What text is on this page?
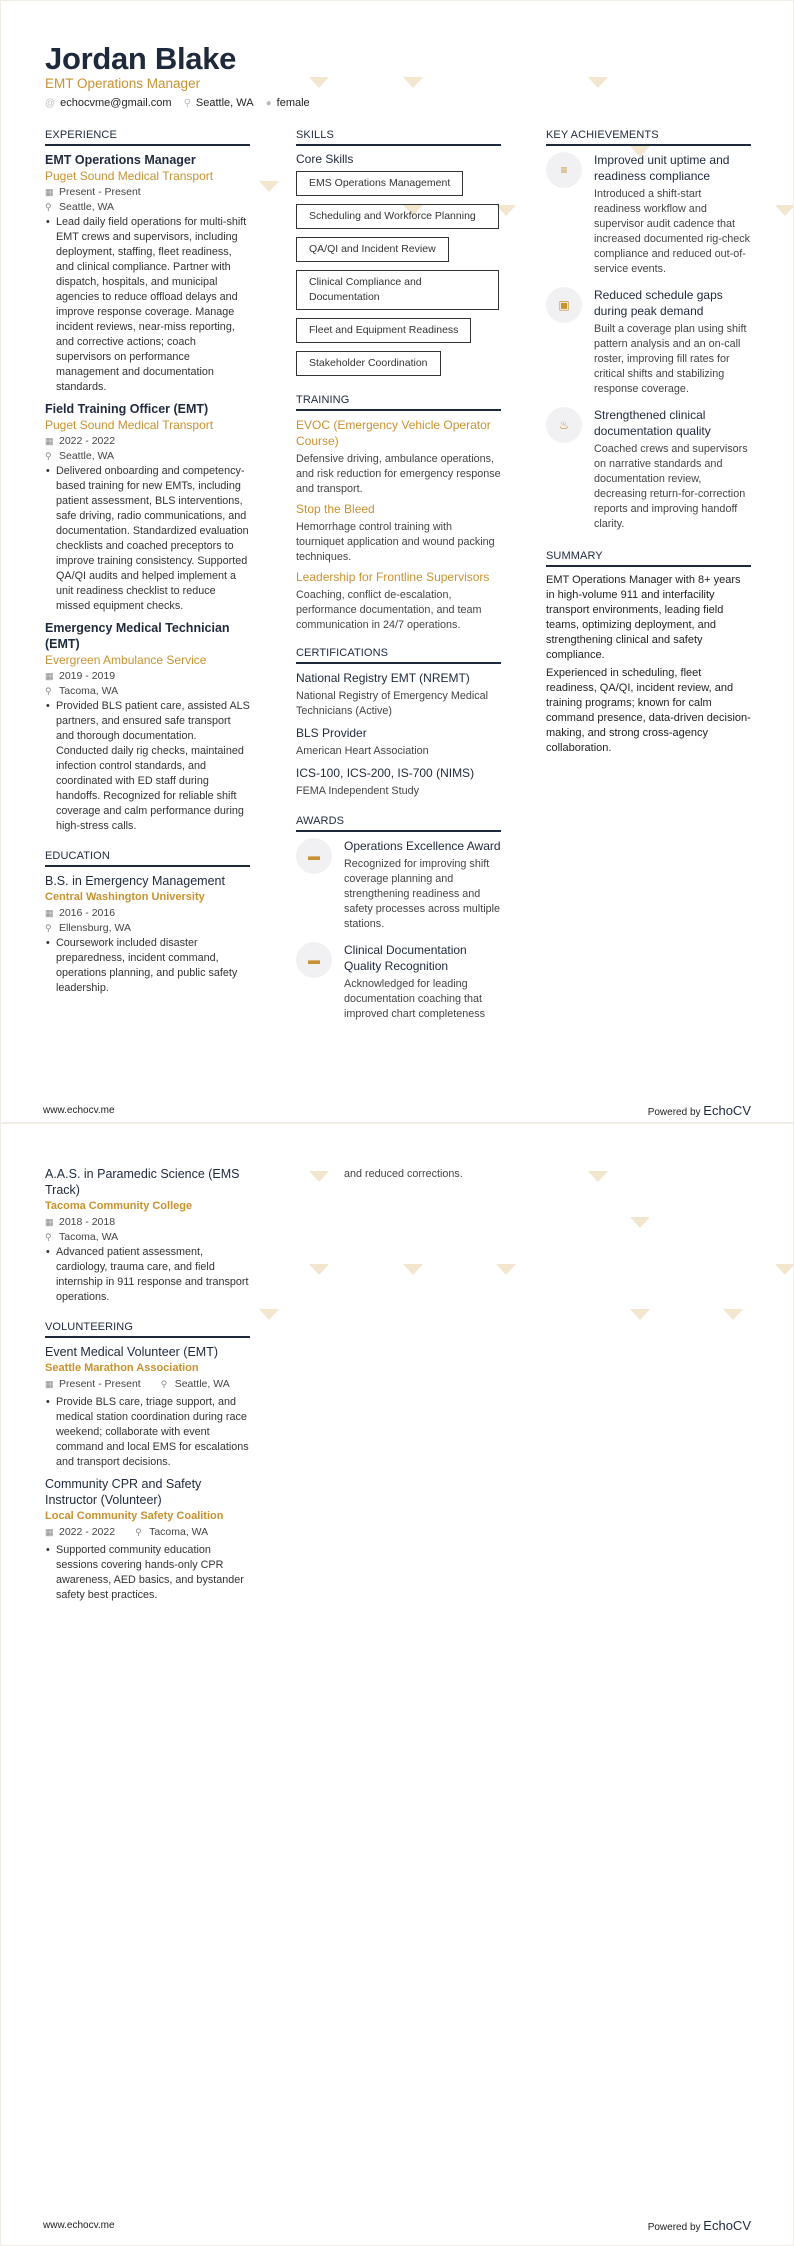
Jordan Blake
EMT Operations Manager
@ echocvme@gmail.com ⚲ Seattle, WA ● female
EXPERIENCE
EMT Operations Manager
Puget Sound Medical Transport
▦ Present - Present
⚲ Seattle, WA
• Lead daily field operations for multi-shift EMT crews and supervisors, including deployment, staffing, fleet readiness, and clinical compliance. Partner with dispatch, hospitals, and municipal agencies to reduce offload delays and improve response coverage. Manage incident reviews, near-miss reporting, and corrective actions; coach supervisors on performance management and documentation standards.
Field Training Officer (EMT)
Puget Sound Medical Transport
▦ 2022 - 2022
⚲ Seattle, WA
• Delivered onboarding and competency-based training for new EMTs, including patient assessment, BLS interventions, safe driving, radio communications, and documentation. Standardized evaluation checklists and coached preceptors to improve training consistency. Supported QA/QI audits and helped implement a unit readiness checklist to reduce missed equipment checks.
Emergency Medical Technician (EMT)
Evergreen Ambulance Service
▦ 2019 - 2019
⚲ Tacoma, WA
• Provided BLS patient care, assisted ALS partners, and ensured safe transport and thorough documentation. Conducted daily rig checks, maintained infection control standards, and coordinated with ED staff during handoffs. Recognized for reliable shift coverage and calm performance during high-stress calls.
EDUCATION
B.S. in Emergency Management
Central Washington University
▦ 2016 - 2016
⚲ Ellensburg, WA
• Coursework included disaster preparedness, incident command, operations planning, and public safety leadership.
SKILLS
Core Skills
EMS Operations Management Scheduling and Workforce Planning QA/QI and Incident Review Clinical Compliance and Documentation Fleet and Equipment Readiness Stakeholder Coordination
TRAINING
EVOC (Emergency Vehicle Operator Course)
Defensive driving, ambulance operations, and risk reduction for emergency response and transport.
Stop the Bleed
Hemorrhage control training with tourniquet application and wound packing techniques.
Leadership for Frontline Supervisors
Coaching, conflict de-escalation, performance documentation, and team communication in 24/7 operations.
CERTIFICATIONS
National Registry EMT (NREMT)
National Registry of Emergency Medical Technicians (Active)
BLS Provider
American Heart Association
ICS-100, ICS-200, IS-700 (NIMS)
FEMA Independent Study
AWARDS
▬
Operations Excellence Award
Recognized for improving shift coverage planning and strengthening readiness and safety processes across multiple stations.
▬
Clinical Documentation Quality Recognition
Acknowledged for leading documentation coaching that improved chart completeness
KEY ACHIEVEMENTS
≡
Improved unit uptime and readiness compliance
Introduced a shift-start readiness workflow and supervisor audit cadence that increased documented rig-check compliance and reduced out-of-service events.
▣
Reduced schedule gaps during peak demand
Built a coverage plan using shift pattern analysis and an on-call roster, improving fill rates for critical shifts and stabilizing response coverage.
♨
Strengthened clinical documentation quality
Coached crews and supervisors on narrative standards and documentation review, decreasing return-for-correction reports and improving handoff clarity.
SUMMARY
EMT Operations Manager with 8+ years in high-volume 911 and interfacility transport environments, leading field teams, optimizing deployment, and strengthening clinical and safety compliance.
Experienced in scheduling, fleet readiness, QA/QI, incident review, and training programs; known for calm command presence, data-driven decision-making, and strong cross-agency collaboration.
www.echocv.me	Powered by EchoCV
A.A.S. in Paramedic Science (EMS Track)
Tacoma Community College
▦ 2018 - 2018
⚲ Tacoma, WA
• Advanced patient assessment, cardiology, trauma care, and field internship in 911 response and transport operations.
VOLUNTEERING
Event Medical Volunteer (EMT)
Seattle Marathon Association
▦ Present - Present ⚲ Seattle, WA
• Provide BLS care, triage support, and medical station coordination during race weekend; collaborate with event command and local EMS for escalations and transport decisions.
Community CPR and Safety Instructor (Volunteer)
Local Community Safety Coalition
▦ 2022 - 2022 ⚲ Tacoma, WA
• Supported community education sessions covering hands-only CPR awareness, AED basics, and bystander safety best practices.
and reduced corrections.
www.echocv.me	Powered by EchoCV
